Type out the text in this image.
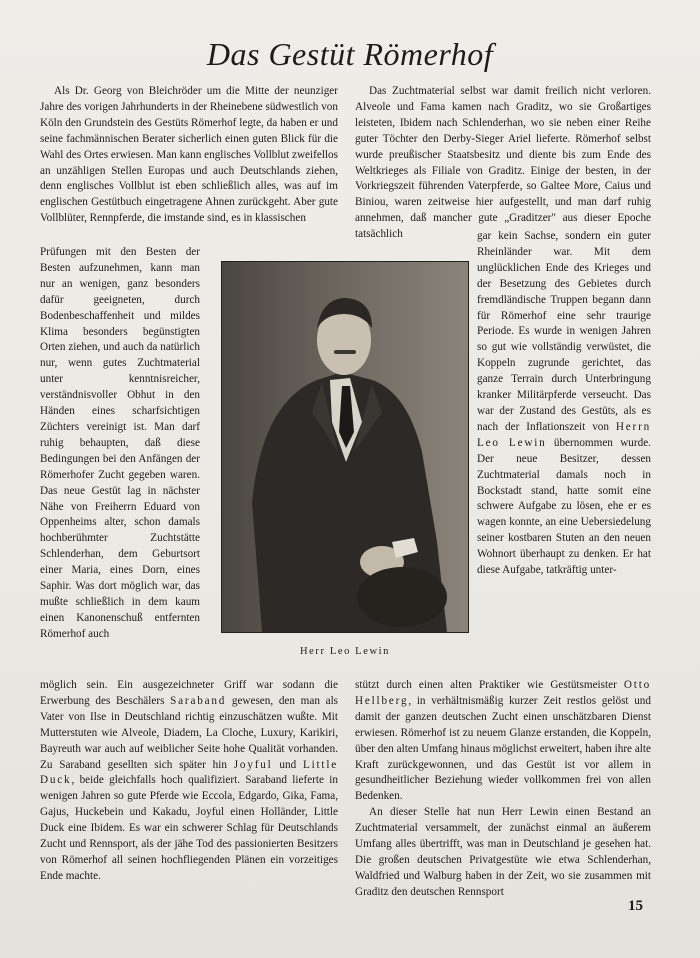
Das Gestüt Römerhof

Als Dr. Georg von Bleichröder um die Mitte der neunziger Jahre des vorigen Jahrhunderts in der Rheinebene südwestlich von Köln den Grundstein des Gestüts Römerhof legte, da haben er und seine fachmännischen Berater sicherlich einen guten Blick für die Wahl des Ortes erwiesen. Man kann englisches Vollblut zweifellos an unzähligen Stellen Europas und auch Deutschlands ziehen, denn englisches Vollblut ist eben schließlich alles, was auf im englischen Gestütbuch eingetragene Ahnen zurückgeht. Aber gute Vollblüter, Rennpferde, die imstande sind, es in klassischen

Prüfungen mit den Besten der Besten aufzunehmen, kann man nur an wenigen, ganz besonders dafür geeigneten, durch Bodenbeschaffenheit und mildes Klima besonders begünstigten Orten ziehen, und auch da natürlich nur, wenn gutes Zuchtmaterial unter kenntnisreicher, verständnisvoller Obhut in den Händen eines scharfsichtigen Züchters vereinigt ist. Man darf ruhig behaupten, daß diese Bedingungen bei den Anfängen der Römerhofer Zucht gegeben waren. Das neue Gestüt lag in nächster Nähe von Freiherrn Eduard von Oppenheims alter, schon damals hochberühmter Zuchtstätte Schlenderhan, dem Geburtsort einer Maria, eines Dorn, eines Saphir. Was dort möglich war, das mußte schließlich in dem kaum einen Kanonenschuß entfernten Römerhof auch

möglich sein. Ein ausgezeichneter Griff war sodann die Erwerbung des Beschälers Saraband gewesen, den man als Vater von Ilse in Deutschland richtig einzuschätzen wußte. Mit Mutterstuten wie Alveole, Diadem, La Cloche, Luxury, Karikiri, Bayreuth war auch auf weiblicher Seite hohe Qualität vorhanden. Zu Saraband gesellten sich später hin Joyful und Little Duck, beide gleichfalls hoch qualifiziert. Saraband lieferte in wenigen Jahren so gute Pferde wie Eccola, Edgardo, Gika, Fama, Gajus, Huckebein und Kakadu, Joyful einen Holländer, Little Duck eine Ibidem. Es war ein schwerer Schlag für Deutschlands Zucht und Rennsport, als der jähe Tod des passionierten Besitzers von Römerhof all seinen hochfliegenden Plänen ein vorzeitiges Ende machte.

Das Zuchtmaterial selbst war damit freilich nicht verloren. Alveole und Fama kamen nach Graditz, wo sie Großartiges leisteten, Ibidem nach Schlenderhan, wo sie neben einer Reihe guter Töchter den Derby-Sieger Ariel lieferte. Römerhof selbst wurde preußischer Staatsbesitz und diente bis zum Ende des Weltkrieges als Filiale von Graditz. Einige der besten, in der Vorkriegszeit führenden Vaterpferde, so Galtee More, Caius und Biniou, waren zeitweise hier aufgestellt, und man darf ruhig annehmen, daß mancher gute „Graditzer" aus dieser Epoche tatsächlich	gar kein Sachse, sondern ein guter Rheinländer war. Mit dem unglücklichen Ende des Krieges und der Besetzung des Gebietes durch fremdländische Truppen begann dann für Römerhof eine sehr traurige Periode. Es wurde in wenigen Jahren so gut wie vollständig verwüstet, die Koppeln zugrunde gerichtet, das ganze Terrain durch Unterbringung kranker Militärpferde verseucht. Das war der Zustand des Gestüts, als es nach der Inflationszeit von Herrn Leo Lewin übernommen wurde. Der neue Besitzer, dessen Zuchtmaterial damals noch in Bockstadt stand, hatte somit eine schwere Aufgabe zu lösen, ehe er es wagen konnte, an eine Uebersiedelung seiner kostbaren Stuten an den neuen Wohnort überhaupt zu denken. Er hat diese Aufgabe, tatkräftig unter-

stützt durch einen alten Praktiker wie Gestütsmeister Otto Hellberg, in verhältnismäßig kurzer Zeit restlos gelöst und damit der ganzen deutschen Zucht einen unschätzbaren Dienst erwiesen. Römerhof ist zu neuem Glanze erstanden, die Koppeln, über den alten Umfang hinaus möglichst erweitert, haben ihre alte Kraft zurückgewonnen, und das Gestüt ist vor allem in gesundheitlicher Beziehung wieder vollkommen frei von allen Bedenken.

An dieser Stelle hat nun Herr Lewin einen Bestand an Zuchtmaterial versammelt, der zunächst einmal an äußerem Umfang alles übertrifft, was man in Deutschland je gesehen hat. Die großen deutschen Privatgestüte wie etwa Schlenderhan, Waldfried und Walburg haben in der Zeit, wo sie zusammen mit Graditz den deutschen Rennsport

Herr Leo Lewin
15
